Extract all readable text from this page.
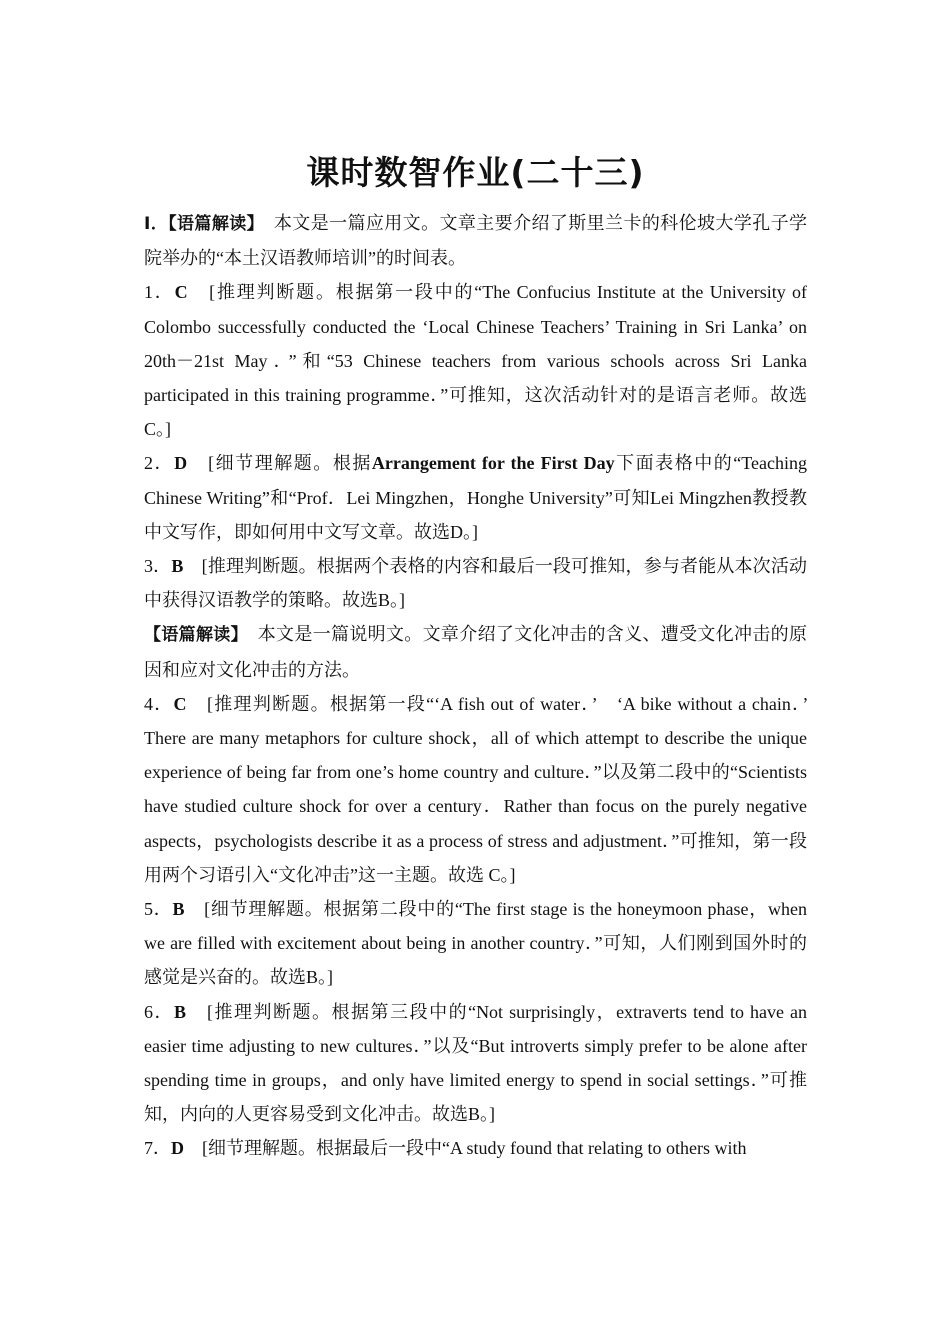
课时数智作业(二十三)

Ⅰ．【语篇解读】　本文是一篇应用文。文章主要介绍了斯里兰卡的科伦坡大学孔子学院举办的“本土汉语教师培训”的时间表。

1．C　[推理判断题。根据第一段中的“The Confucius Institute at the University of Colombo successfully conducted the ‘Local Chinese Teachers’ Training in Sri Lanka’ on 20th－21st May．”和“53 Chinese teachers from various schools across Sri Lanka participated in this training programme．”可推知，这次活动针对的是语言老师。故选C。]

2．D　[细节理解题。根据Arrangement for the First Day下面表格中的“Teaching Chinese Writing”和“Prof．Lei Mingzhen，Honghe University”可知Lei Mingzhen教授教中文写作，即如何用中文写文章。故选D。]

3．B　[推理判断题。根据两个表格的内容和最后一段可推知，参与者能从本次活动中获得汉语教学的策略。故选B。]

【语篇解读】　本文是一篇说明文。文章介绍了文化冲击的含义、遭受文化冲击的原因和应对文化冲击的方法。

4．C　[推理判断题。根据第一段“‘A fish out of water．’　‘A bike without a chain．’　There are many metaphors for culture shock，all of which attempt to describe the unique experience of being far from one’s home country and culture．”以及第二段中的“Scientists have studied culture shock for over a century．Rather than focus on the purely negative aspects，psychologists describe it as a process of stress and adjustment．”可推知，第一段用两个习语引入“文化冲击”这一主题。故选 C。]

5．B　[细节理解题。根据第二段中的“The first stage is the honeymoon phase，when we are filled with excitement about being in another country．”可知，人们刚到国外时的感觉是兴奋的。故选B。]

6．B　[推理判断题。根据第三段中的“Not surprisingly，extraverts tend to have an easier time adjusting to new cultures．”以及“But introverts simply prefer to be alone after spending time in groups，and only have limited energy to spend in social settings．”可推知，内向的人更容易受到文化冲击。故选B。]

7．D　[细节理解题。根据最后一段中“A study found that relating to others with
